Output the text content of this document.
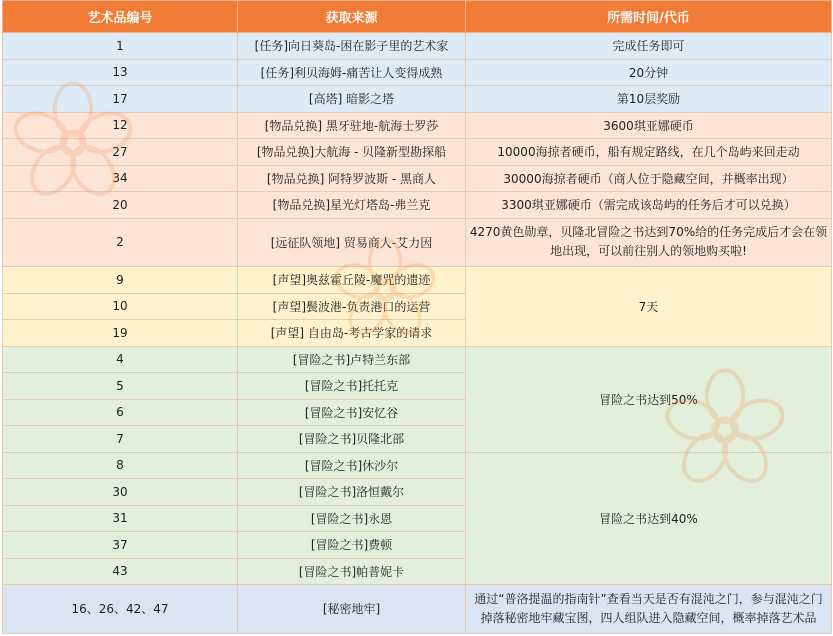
艺术品编号	获取来源	所需时间/代币

1	[任务]向日葵岛-困在影子里的艺术家	完成任务即可

13	[任务]利贝海姆-痛苦让人变得成熟	20分钟

17	[高塔] 暗影之塔	第10层奖励

12	[物品兑换] 黑牙驻地-航海士罗莎	3600琪亚娜硬币

27	[物品兑换]大航海 - 贝隆新型勘探船	10000海掠者硬币，船有规定路线，在几个岛屿来回走动

34	[物品兑换] 阿特罗波斯 - 黑商人	30000海掠者硬币（商人位于隐藏空间，并概率出现）

20	[物品兑换]星光灯塔岛-弗兰克	3300琪亚娜硬币（需完成该岛屿的任务后才可以兑换）

2	[远征队领地] 贸易商人-艾力因	4270黄色勋章，贝隆北冒险之书达到70%给的任务完成后才会在领地出现，可以前往别人的领地购买啦!

9	[声望]奥兹霍丘陵-魔咒的遗迹	7天

10	[声望]鬓波港-负责港口的运营	

19	[声望] 自由岛-考古学家的请求	

4	[冒险之书]卢特兰东部	冒险之书达到50%

5	[冒险之书]托托克	

6	[冒险之书]安忆谷	

7	[冒险之书]贝隆北部	

8	[冒险之书]休沙尔	冒险之书达到40%

30	[冒险之书]洛恒戴尔	

31	[冒险之书]永恩	

37	[冒险之书]费顿	

43	[冒险之书]帕普妮卡	

16、26、42、47	[秘密地牢]	通过“普洛提温的指南针”查看当天是否有混沌之门，参与混沌之门掉落秘密地牢藏宝图，四人组队进入隐藏空间，概率掉落艺术品
